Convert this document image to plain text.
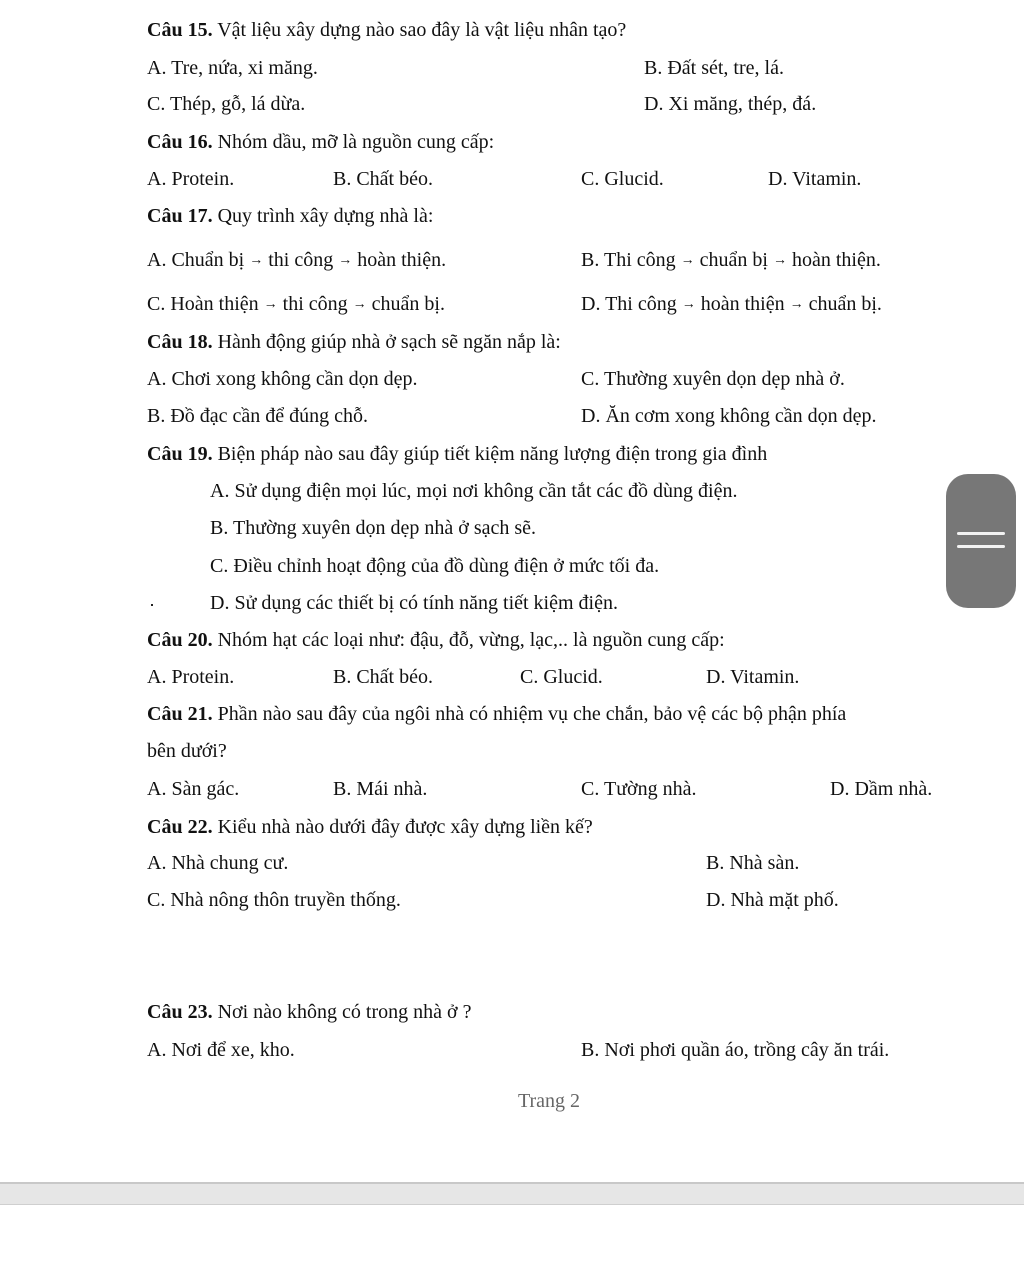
Câu 15. Vật liệu xây dựng nào sao đây là vật liệu nhân tạo?
A. Tre, nứa, xi măng.	B. Đất sét, tre, lá.
C. Thép, gỗ, lá dừa.	D. Xi măng, thép, đá.
Câu 16. Nhóm dầu, mỡ là nguồn cung cấp:
A. Protein.	B. Chất béo.	C. Glucid.	D. Vitamin.
Câu 17. Quy trình xây dựng nhà là:
A. Chuẩn bị → thi công → hoàn thiện.	B. Thi công → chuẩn bị → hoàn thiện.
C. Hoàn thiện → thi công → chuẩn bị.	D. Thi công → hoàn thiện → chuẩn bị.
Câu 18. Hành động giúp nhà ở sạch sẽ ngăn nắp là:
A. Chơi xong không cần dọn dẹp.	C. Thường xuyên dọn dẹp nhà ở.
B. Đồ đạc cần để đúng chỗ.	D. Ăn cơm xong không cần dọn dẹp.
Câu 19. Biện pháp nào sau đây giúp tiết kiệm năng lượng điện trong gia đình
A. Sử dụng điện mọi lúc, mọi nơi không cần tắt các đồ dùng điện.
B. Thường xuyên dọn dẹp nhà ở sạch sẽ.
C. Điều chỉnh hoạt động của đồ dùng điện ở mức tối đa.
D. Sử dụng các thiết bị có tính năng tiết kiệm điện.
Câu 20. Nhóm hạt các loại như: đậu, đỗ, vừng, lạc,.. là nguồn cung cấp:
A. Protein.	B. Chất béo.	C. Glucid.	D. Vitamin.
Câu 21. Phần nào sau đây của ngôi nhà có nhiệm vụ che chắn, bảo vệ các bộ phận phía
bên dưới?
A. Sàn gác.	B. Mái nhà.	C. Tường nhà.	D. Dầm nhà.
Câu 22. Kiểu nhà nào dưới đây được xây dựng liền kế?
A. Nhà chung cư.	B. Nhà sàn.
C. Nhà nông thôn truyền thống.	D. Nhà mặt phố.
Câu 23. Nơi nào không có trong nhà ở ?
A. Nơi để xe, kho.	B. Nơi phơi quần áo, trồng cây ăn trái.
Trang 2
